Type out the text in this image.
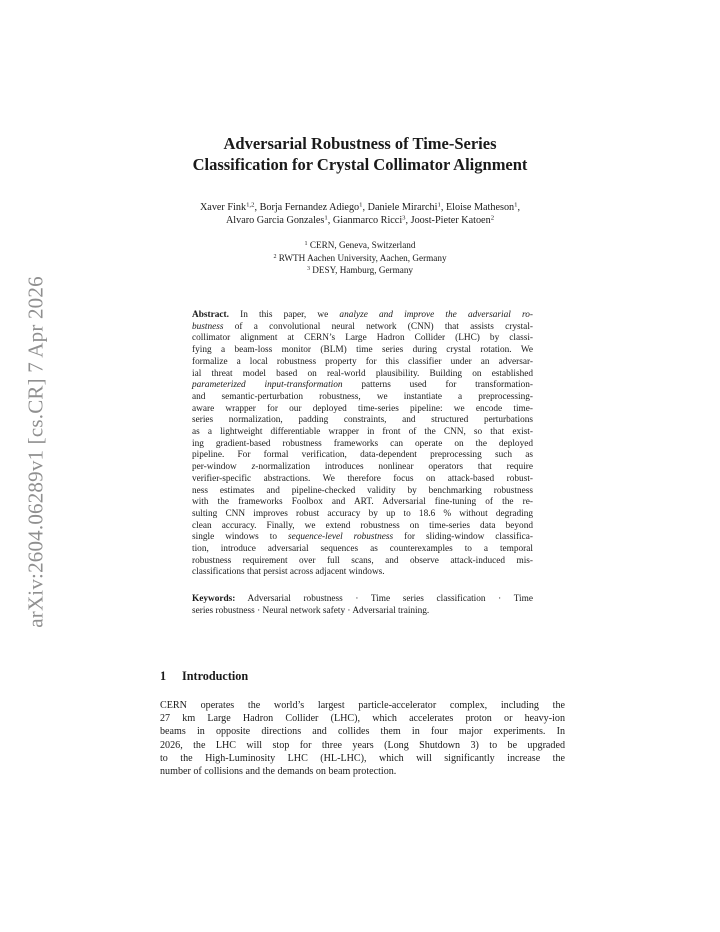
arXiv:2604.06289v1 [cs.CR] 7 Apr 2026
Adversarial Robustness of Time-Series
Classification for Crystal Collimator Alignment
Xaver Fink$^{1,2}$, Borja Fernandez Adiego$^1$, Daniele Mirarchi$^1$, Eloise Matheson$^1$,
Alvaro Garcia Gonzales$^1$, Gianmarco Ricci$^3$, Joost-Pieter Katoen$^2$
$^1$ CERN, Geneva, Switzerland
$^2$ RWTH Aachen University, Aachen, Germany
$^3$ DESY, Hamburg, Germany
Abstract. In this paper, we analyze and improve the adversarial ro-
bustness of a convolutional neural network (CNN) that assists crystal-
collimator alignment at CERN’s Large Hadron Collider (LHC) by classi-
fying a beam-loss monitor (BLM) time series during crystal rotation. We
formalize a local robustness property for this classifier under an adversar-
ial threat model based on real-world plausibility. Building on established
parameterized input-transformation patterns used for transformation-
and semantic-perturbation robustness, we instantiate a preprocessing-
aware wrapper for our deployed time-series pipeline: we encode time-
series normalization, padding constraints, and structured perturbations
as a lightweight differentiable wrapper in front of the CNN, so that exist-
ing gradient-based robustness frameworks can operate on the deployed
pipeline. For formal verification, data-dependent preprocessing such as
per-window z-normalization introduces nonlinear operators that require
verifier-specific abstractions. We therefore focus on attack-based robust-
ness estimates and pipeline-checked validity by benchmarking robustness
with the frameworks Foolbox and ART. Adversarial fine-tuning of the re-
sulting CNN improves robust accuracy by up to 18.6 % without degrading
clean accuracy. Finally, we extend robustness on time-series data beyond
single windows to sequence-level robustness for sliding-window classifica-
tion, introduce adversarial sequences as counterexamples to a temporal
robustness requirement over full scans, and observe attack-induced mis-
classifications that persist across adjacent windows.
Keywords: Adversarial robustness · Time series classification · Time
series robustness · Neural network safety · Adversarial training.
1 Introduction
CERN operates the world’s largest particle-accelerator complex, including the
27 km Large Hadron Collider (LHC), which accelerates proton or heavy-ion
beams in opposite directions and collides them in four major experiments. In
2026, the LHC will stop for three years (Long Shutdown 3) to be upgraded
to the High-Luminosity LHC (HL-LHC), which will significantly increase the
number of collisions and the demands on beam protection.
